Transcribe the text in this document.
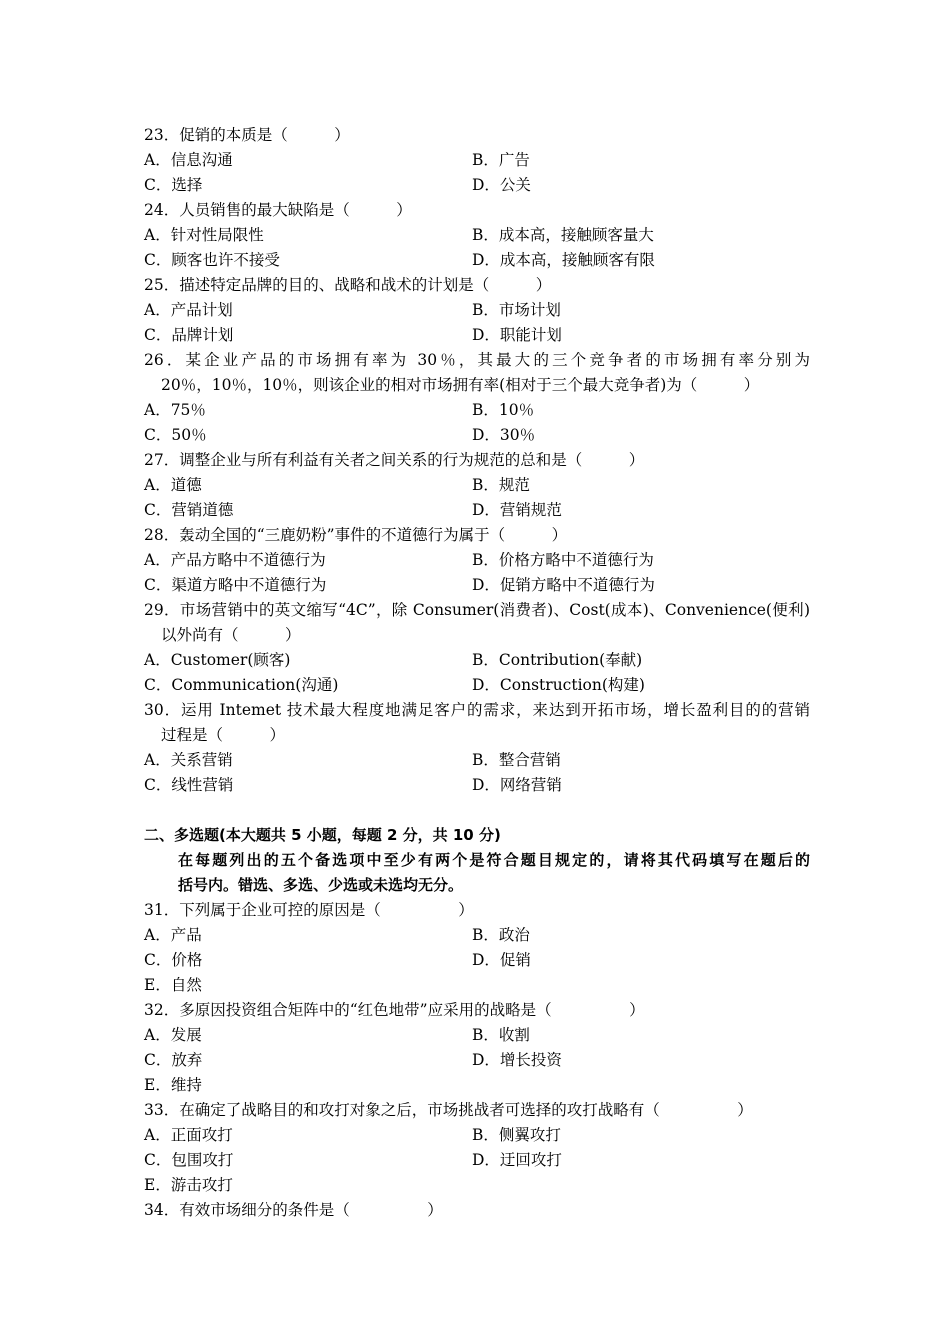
23．促销的本质是（　　　）
A．信息沟通	B．广告
C．选择	D．公关
24．人员销售的最大缺陷是（　　　）
A．针对性局限性	B．成本高，接触顾客量大
C．顾客也许不接受	D．成本高，接触顾客有限
25．描述特定品牌的目的、战略和战术的计划是（　　　）
A．产品计划	B．市场计划
C．品牌计划	D．职能计划
26．某企业产品的市场拥有率为 30％，其最大的三个竞争者的市场拥有率分别为
20％，10％，10％，则该企业的相对市场拥有率(相对于三个最大竞争者)为（　　　）
A．75％	B．10％
C．50％	D．30％
27．调整企业与所有利益有关者之间关系的行为规范的总和是（　　　）
A．道德	B．规范
C．营销道德	D．营销规范
28．轰动全国的“三鹿奶粉”事件的不道德行为属于（　　　）
A．产品方略中不道德行为	B．价格方略中不道德行为
C．渠道方略中不道德行为	D．促销方略中不道德行为
29．市场营销中的英文缩写“4C”，除 Consumer(消费者)、Cost(成本)、Convenience(便利)
以外尚有（　　　）
A．Customer(顾客)	B．Contribution(奉献)
C．Communication(沟通)	D．Construction(构建)
30．运用 Intemet 技术最大程度地满足客户的需求，来达到开拓市场，增长盈利目的的营销
过程是（　　　）
A．关系营销	B．整合营销
C．线性营销	D．网络营销
二、多选题(本大题共 5 小题，每题 2 分，共 10 分)
在每题列出的五个备选项中至少有两个是符合题目规定的，请将其代码填写在题后的
括号内。错选、多选、少选或未选均无分。
31．下列属于企业可控的原因是（　　　　　）
A．产品	B．政治
C．价格	D．促销
E．自然
32．多原因投资组合矩阵中的“红色地带”应采用的战略是（　　　　　）
A．发展	B．收割
C．放弃	D．增长投资
E．维持
33．在确定了战略目的和攻打对象之后，市场挑战者可选择的攻打战略有（　　　　　）
A．正面攻打	B．侧翼攻打
C．包围攻打	D．迂回攻打
E．游击攻打
34．有效市场细分的条件是（　　　　　）
